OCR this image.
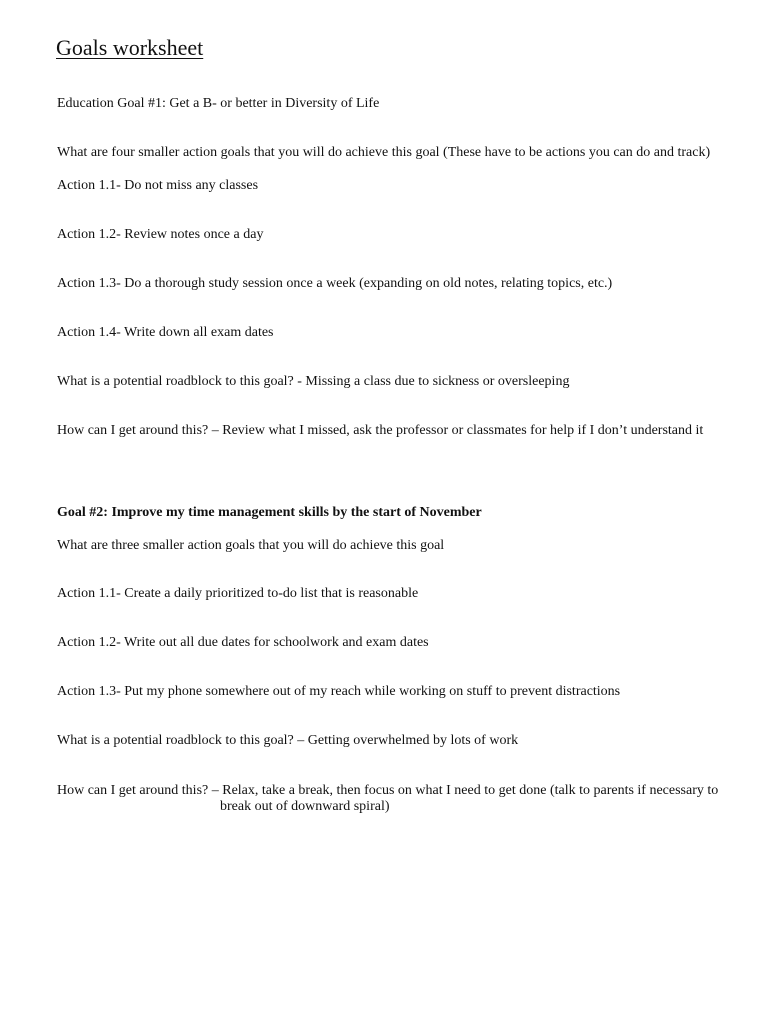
Goals worksheet
Education Goal #1: Get a B- or better in Diversity of Life
What are four smaller action goals that you will do achieve this goal (These have to be actions you can do and track)
Action 1.1- Do not miss any classes
Action 1.2- Review notes once a day
Action 1.3- Do a thorough study session once a week (expanding on old notes, relating topics, etc.)
Action 1.4- Write down all exam dates
What is a potential roadblock to this goal? - Missing a class due to sickness or oversleeping
How can I get around this? – Review what I missed, ask the professor or classmates for help if I don’t understand it
Goal #2: Improve my time management skills by the start of November
What are three smaller action goals that you will do achieve this goal
Action 1.1- Create a daily prioritized to-do list that is reasonable
Action 1.2- Write out all due dates for schoolwork and exam dates
Action 1.3- Put my phone somewhere out of my reach while working on stuff to prevent distractions
What is a potential roadblock to this goal? – Getting overwhelmed by lots of work
How can I get around this? – Relax, take a break, then focus on what I need to get done (talk to parents if necessary to
break out of downward spiral)
